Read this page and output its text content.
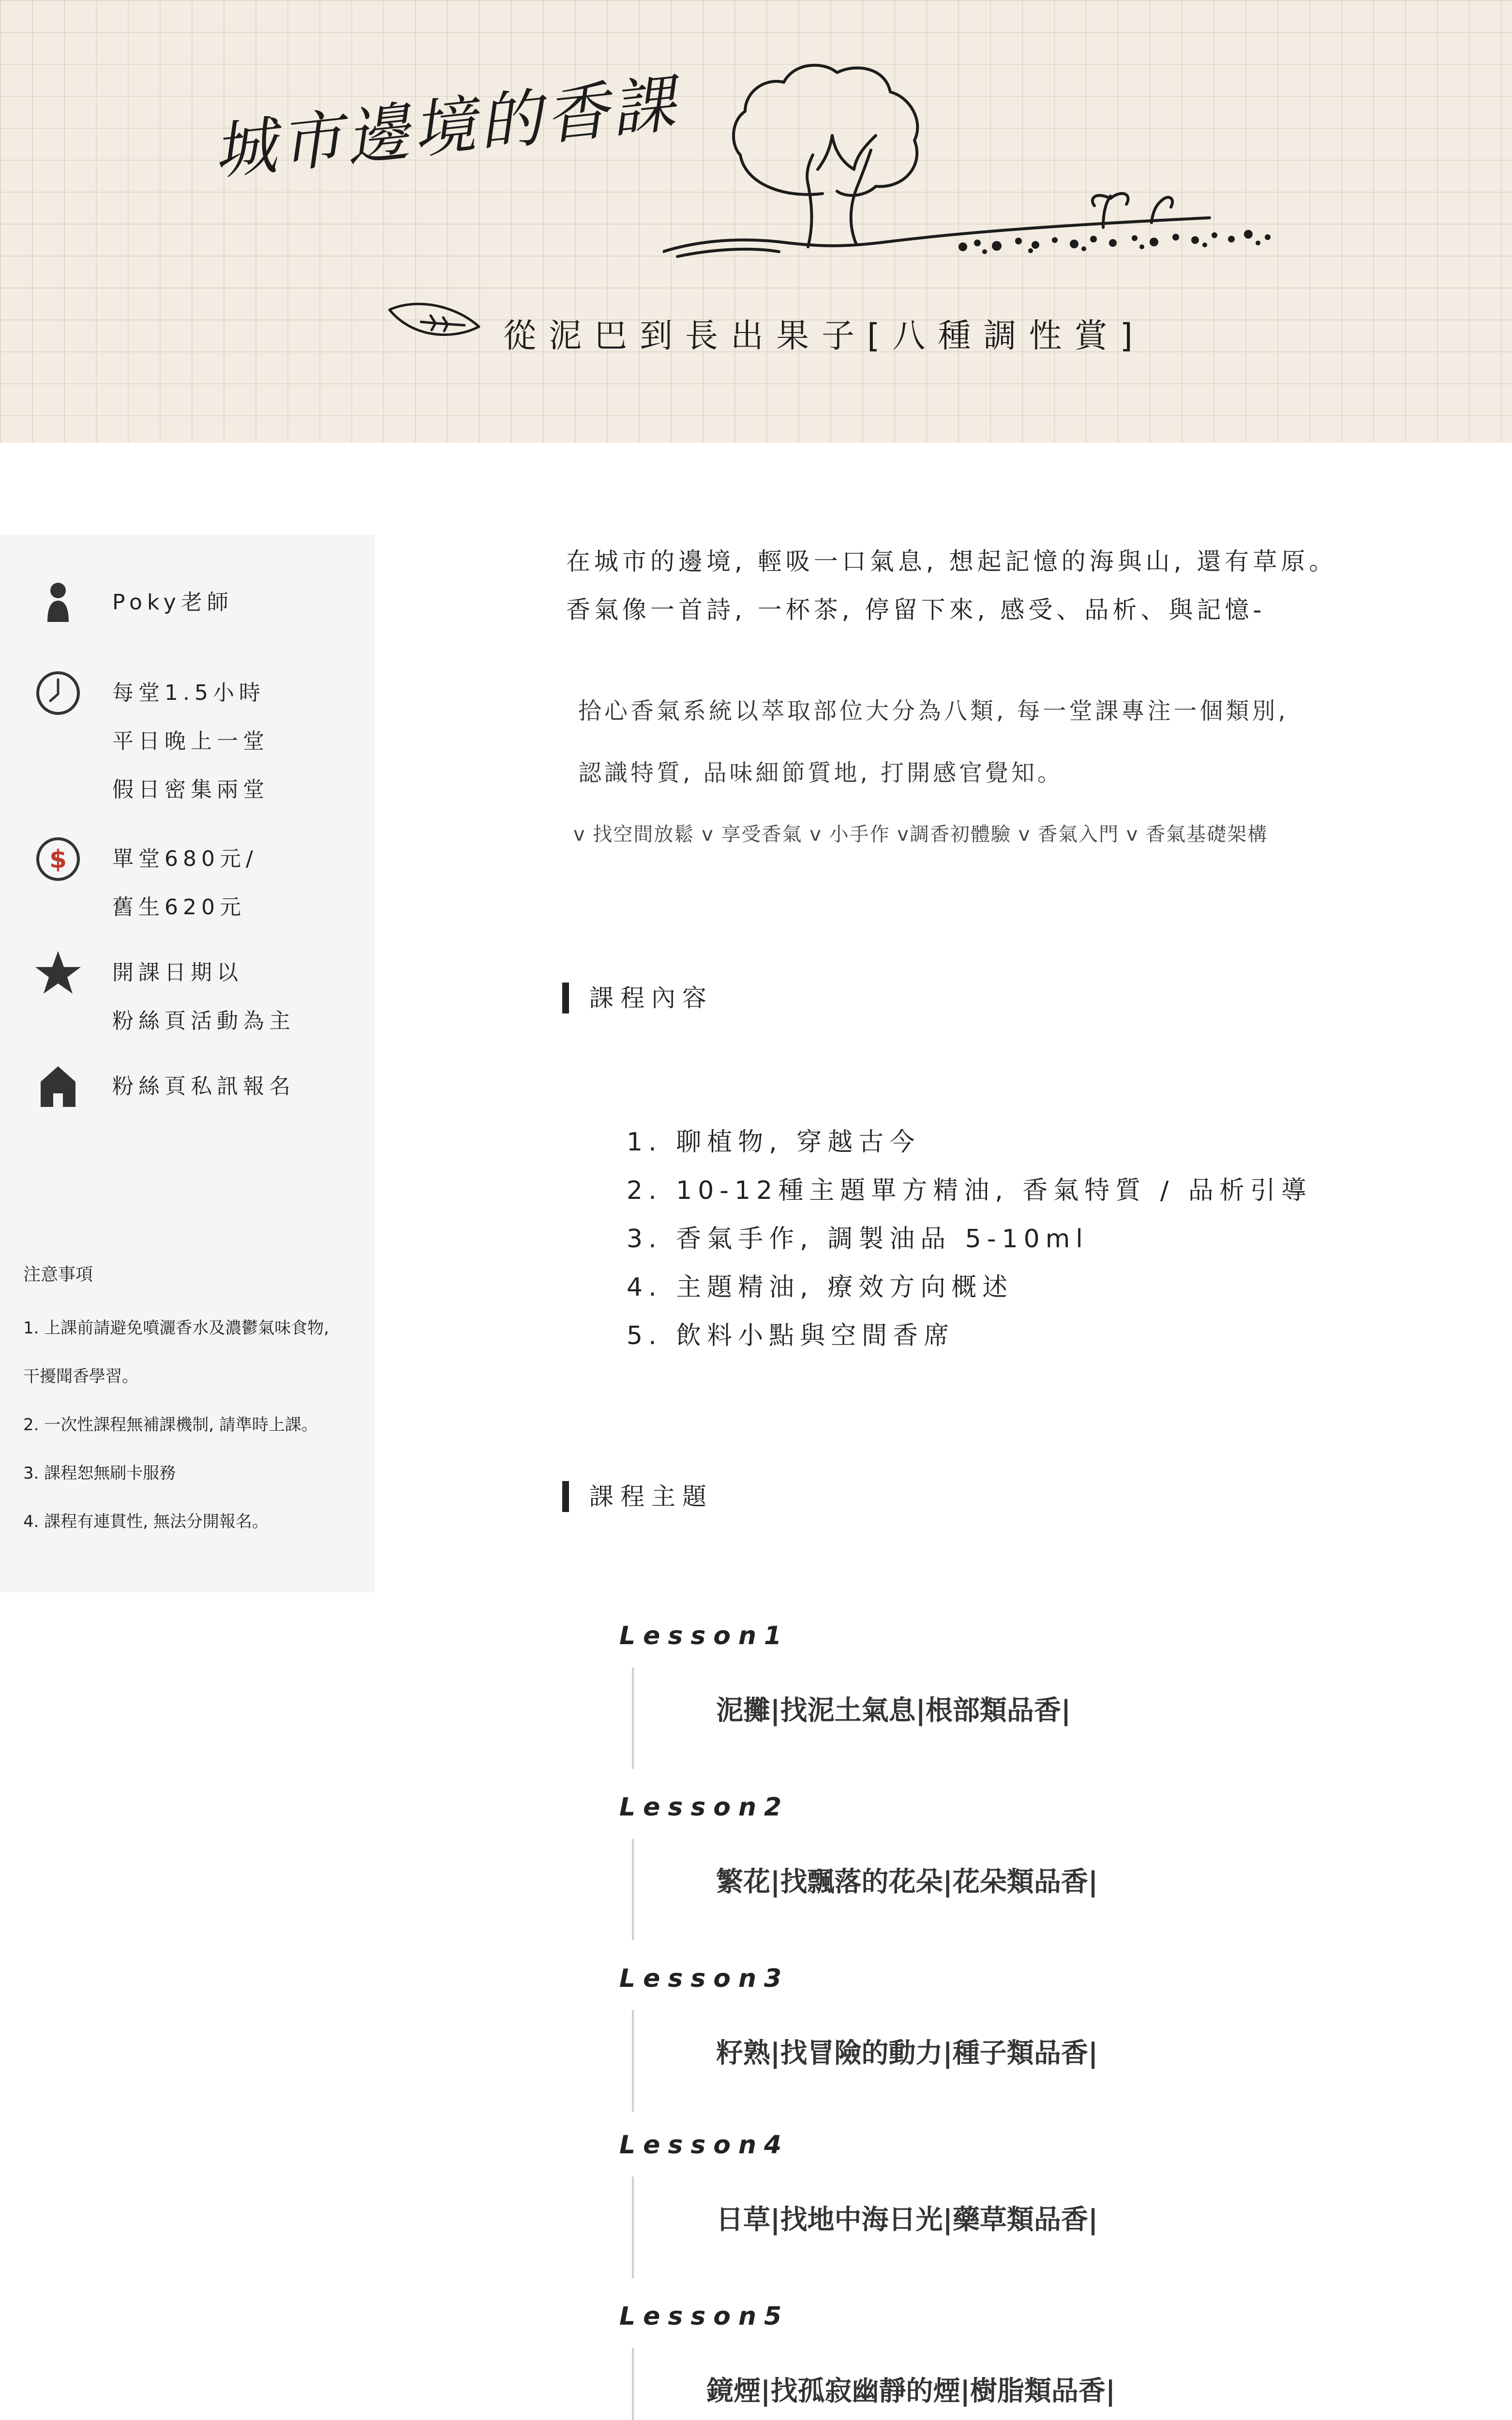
城市邊境的香課
從泥巴到長出果子[八種調性賞]
Poky老師
每堂1.5小時
平日晚上一堂
假日密集兩堂
$ 單堂680元/
舊生620元
開課日期以
粉絲頁活動為主
粉絲頁私訊報名
注意事項
1. 上課前請避免噴灑香水及濃鬱氣味食物,
干擾聞香學習。
2. 一次性課程無補課機制, 請準時上課。
3. 課程恕無刷卡服務
4. 課程有連貫性, 無法分開報名。
在城市的邊境, 輕吸一口氣息, 想起記憶的海與山, 還有草原。
香氣像一首詩, 一杯茶, 停留下來, 感受、品析、與記憶-
拾心香氣系統以萃取部位大分為八類, 每一堂課專注一個類別,
認識特質, 品味細節質地, 打開感官覺知。
v 找空間放鬆 v 享受香氣 v 小手作 v調香初體驗 v 香氣入門 v 香氣基礎架構
課程內容
1. 聊植物, 穿越古今
2. 10-12種主題單方精油, 香氣特質 / 品析引導
3. 香氣手作, 調製油品 5-10ml
4. 主題精油, 療效方向概述
5. 飲料小點與空間香席
課程主題
Lesson1
泥攤|找泥土氣息|根部類品香|
Lesson2
繁花|找飄落的花朵|花朵類品香|
Lesson3
籽熟|找冒險的動力|種子類品香|
Lesson4
日草|找地中海日光|藥草類品香|
Lesson5
鏡煙|找孤寂幽靜的煙|樹脂類品香|
